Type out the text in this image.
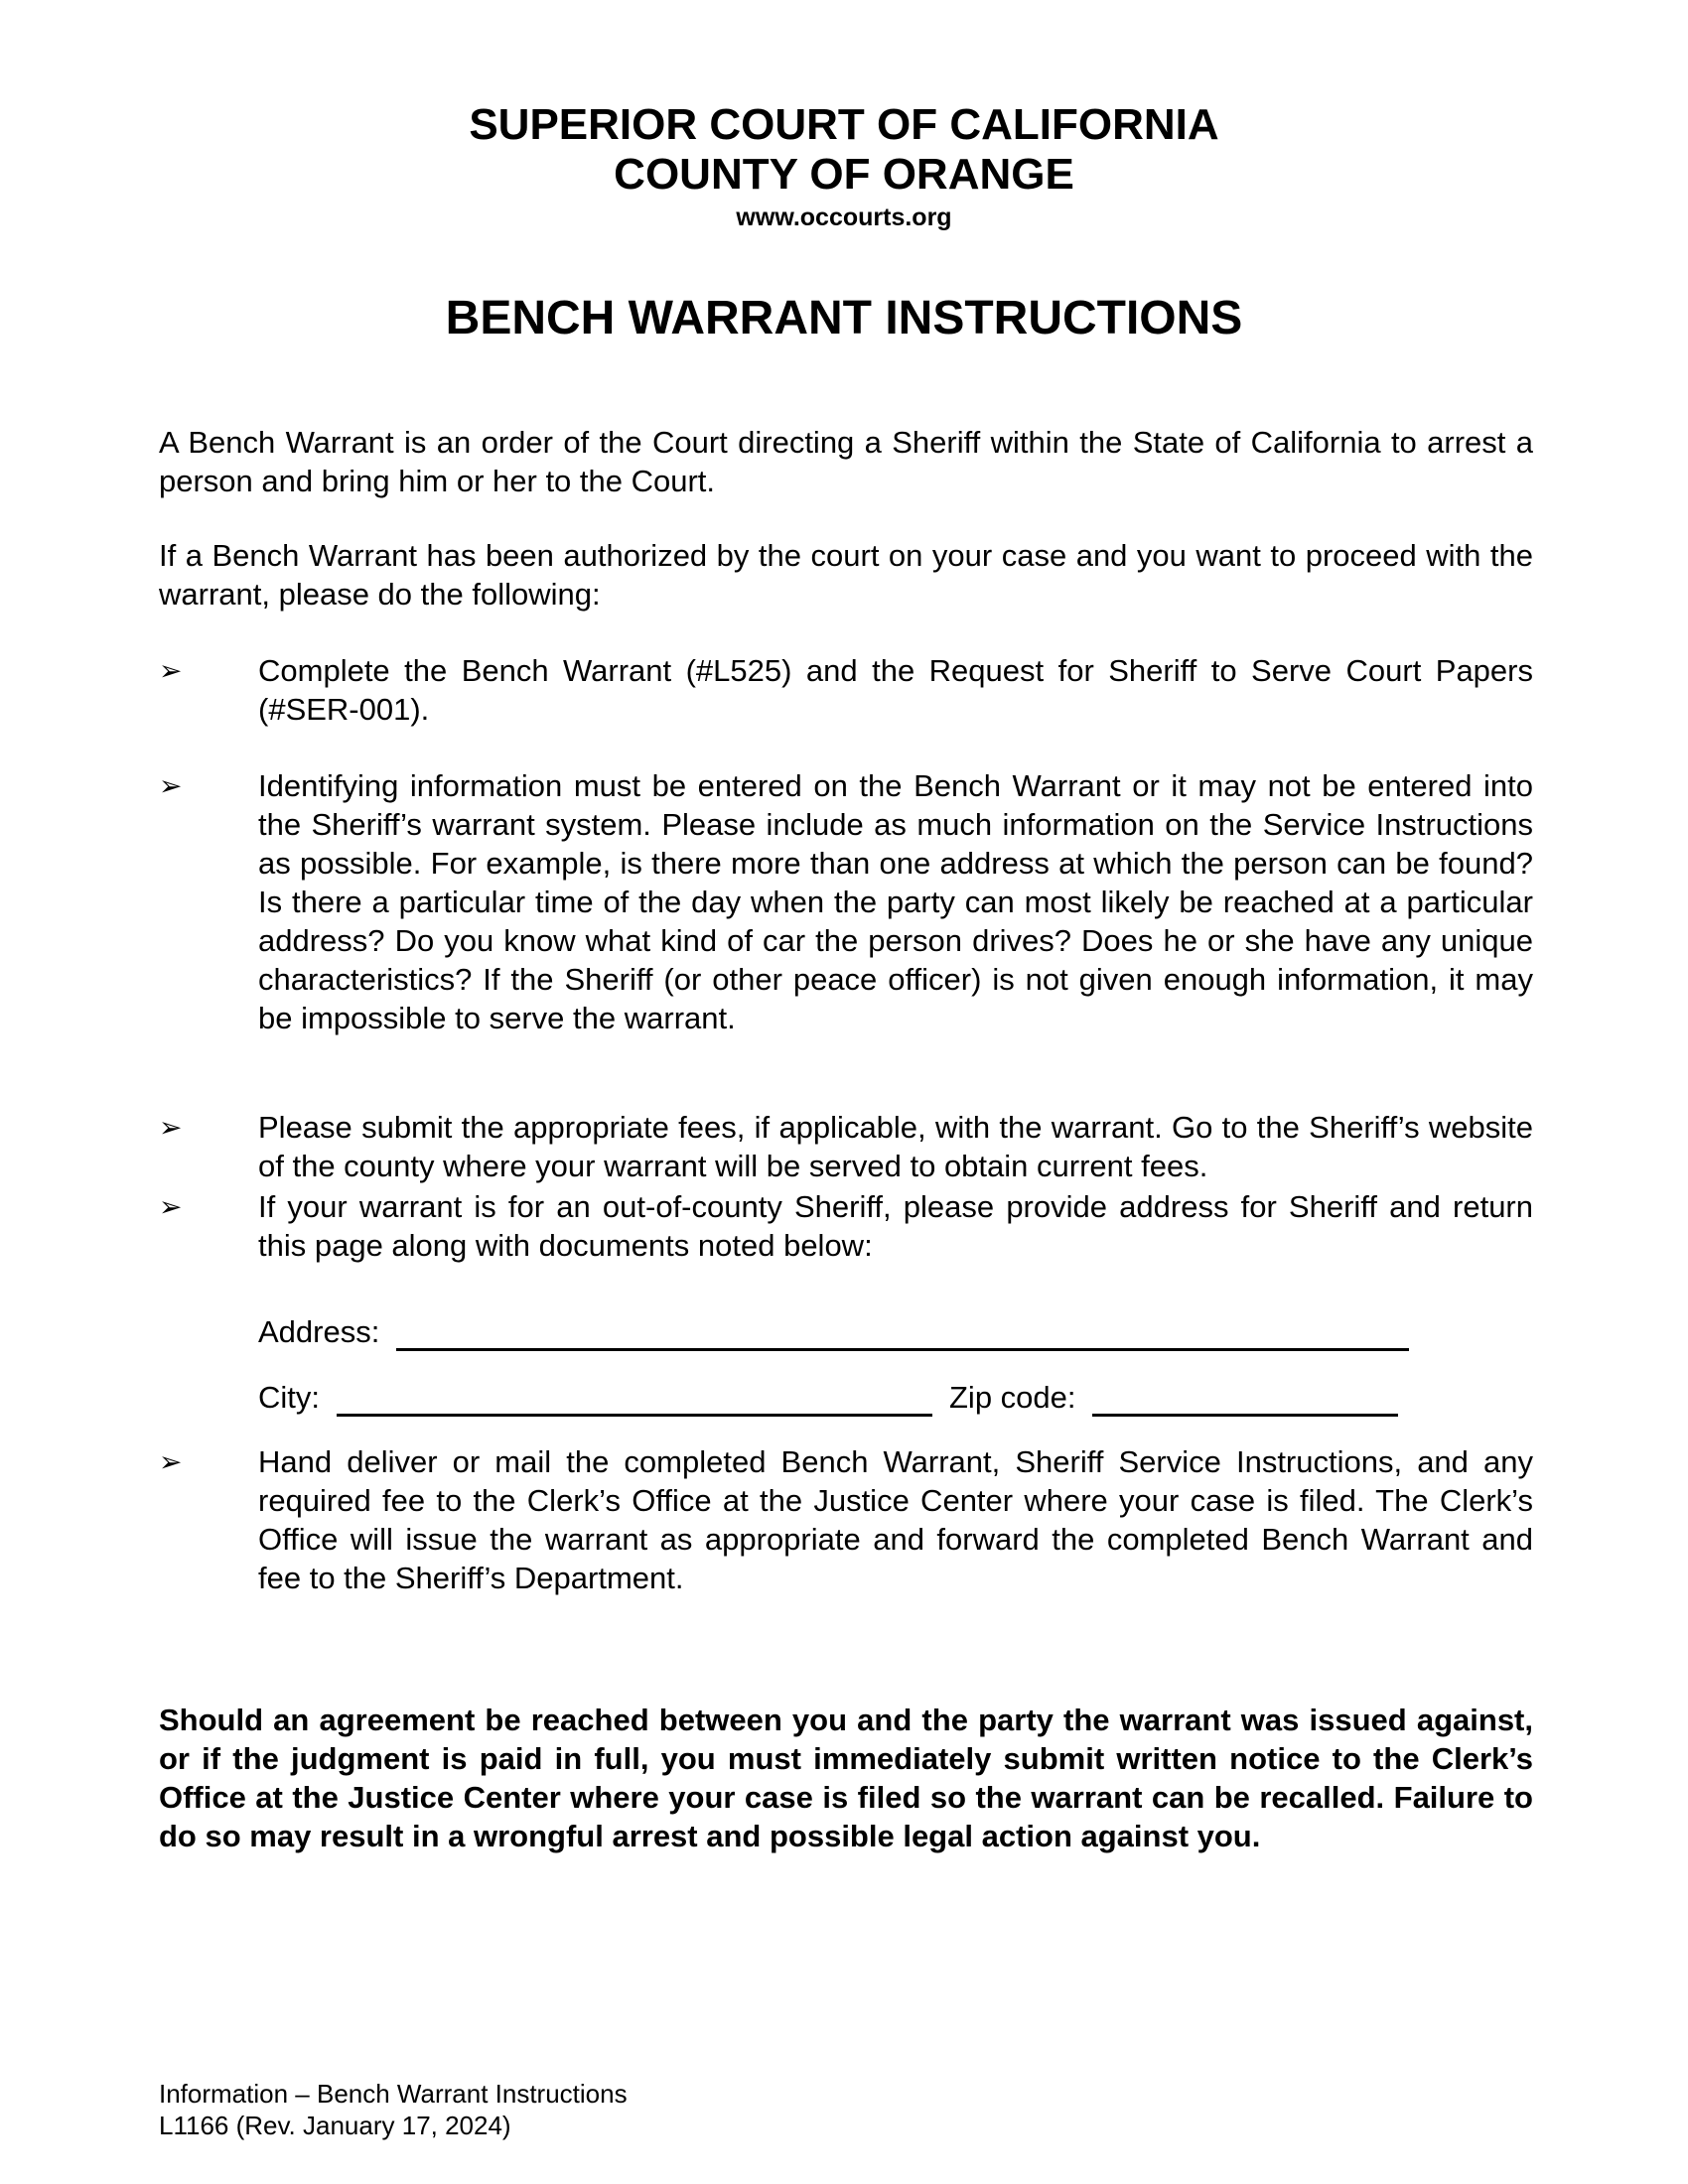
SUPERIOR COURT OF CALIFORNIA
COUNTY OF ORANGE
www.occourts.org
BENCH WARRANT INSTRUCTIONS
A Bench Warrant is an order of the Court directing a Sheriff within the State of California to arrest a person and bring him or her to the Court.
If a Bench Warrant has been authorized by the court on your case and you want to proceed with the warrant, please do the following:
➢	Complete the Bench Warrant (#L525) and the Request for Sheriff to Serve Court Papers (#SER-001).
➢	Identifying information must be entered on the Bench Warrant or it may not be entered into the Sheriff’s warrant system. Please include as much information on the Service Instructions as possible. For example, is there more than one address at which the person can be found? Is there a particular time of the day when the party can most likely be reached at a particular address? Do you know what kind of car the person drives? Does he or she have any unique characteristics? If the Sheriff (or other peace officer) is not given enough information, it may be impossible to serve the warrant.
➢	Please submit the appropriate fees, if applicable, with the warrant. Go to the Sheriff’s website of the county where your warrant will be served to obtain current fees.
➢	If your warrant is for an out-of-county Sheriff, please provide address for Sheriff and return this page along with documents noted below:
Address:
City:	Zip code:
➢	Hand deliver or mail the completed Bench Warrant, Sheriff Service Instructions, and any required fee to the Clerk’s Office at the Justice Center where your case is filed. The Clerk’s Office will issue the warrant as appropriate and forward the completed Bench Warrant and fee to the Sheriff’s Department.
Should an agreement be reached between you and the party the warrant was issued against, or if the judgment is paid in full, you must immediately submit written notice to the Clerk’s Office at the Justice Center where your case is filed so the warrant can be recalled. Failure to do so may result in a wrongful arrest and possible legal action against you.
Information – Bench Warrant Instructions
L1166 (Rev. January 17, 2024)
